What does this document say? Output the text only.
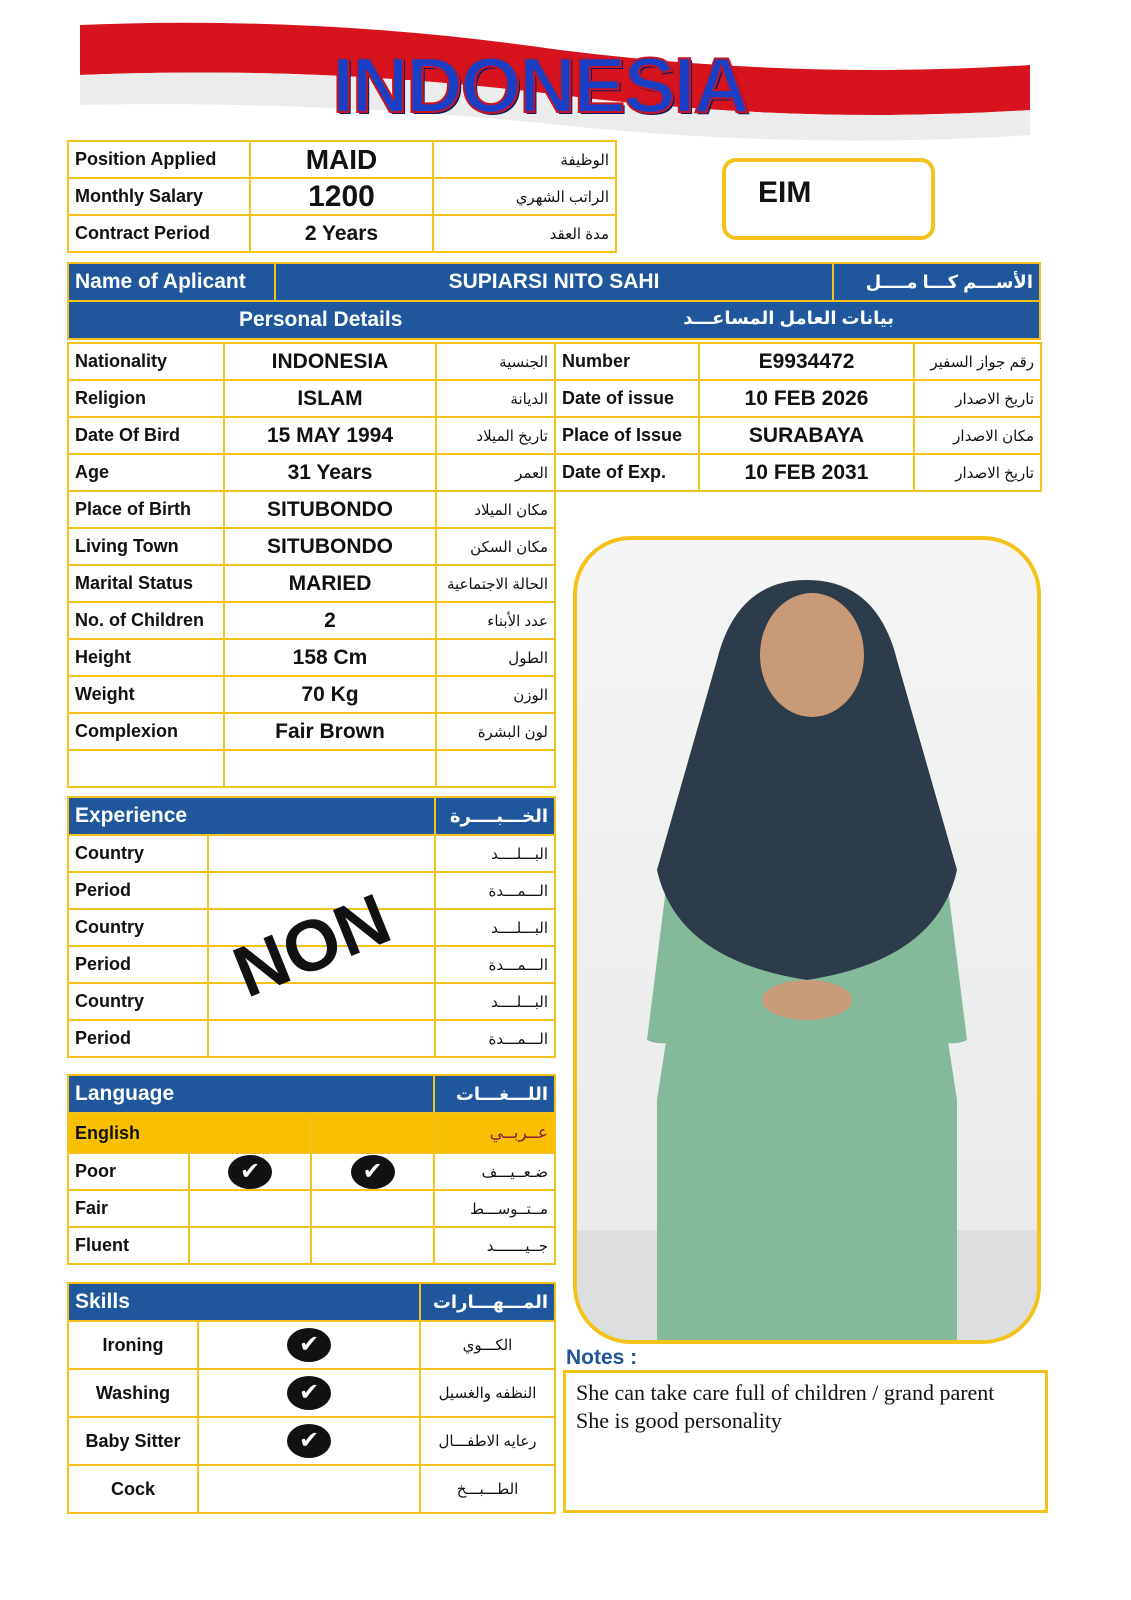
INDONESIA
Position Applied	MAID	الوظيفة
Monthly Salary	1200	الراتب الشهري
Contract Period	2 Years	مدة العقد
EIM
Name of Aplicant	SUPIARSI NITO SAHI	الأســـم كـــا مــــل
Personal Details	بيانات العامل المساعـــد
Nationality	INDONESIA	الجنسية
Religion	ISLAM	الديانة
Date Of Bird	15 MAY 1994	تاريخ الميلاد
Age	31 Years	العمر
Place of Birth	SITUBONDO	مكان الميلاد
Living Town	SITUBONDO	مكان السكن
Marital Status	MARIED	الحالة الاجتماعية
No. of Children	2	عدد الأبناء
Height	158 Cm	الطول
Weight	70 Kg	الوزن
Complexion	Fair Brown	لون البشرة

Number	E9934472	رقم جواز السفير
Date of issue	10 FEB 2026	تاريخ الاصدار
Place of Issue	SURABAYA	مكان الاصدار
Date of Exp.	10 FEB 2031	تاريخ الاصدار
Experience		الخـــبــــرة
Country		البـــلــــد
Period		الـــمـــدة
Country		البـــلــــد
Period		الـــمـــدة
Country		البـــلــــد
Period		الـــمـــدة
NON
Language			اللـــغـــات
English			عــربــي
Poor	✔	✔	ضـعــيـــف
Fair			مــتــوســـط
Fluent			جــيـــــــد
Skills		المـــهـــارات
Ironing	✔	الكـــوي
Washing	✔	النظفه والغسيل
Baby Sitter	✔	رعايه الاطفـــال
Cock		الطـــبـــخ
Notes :
She can take care full of children / grand parent
She is good personality
